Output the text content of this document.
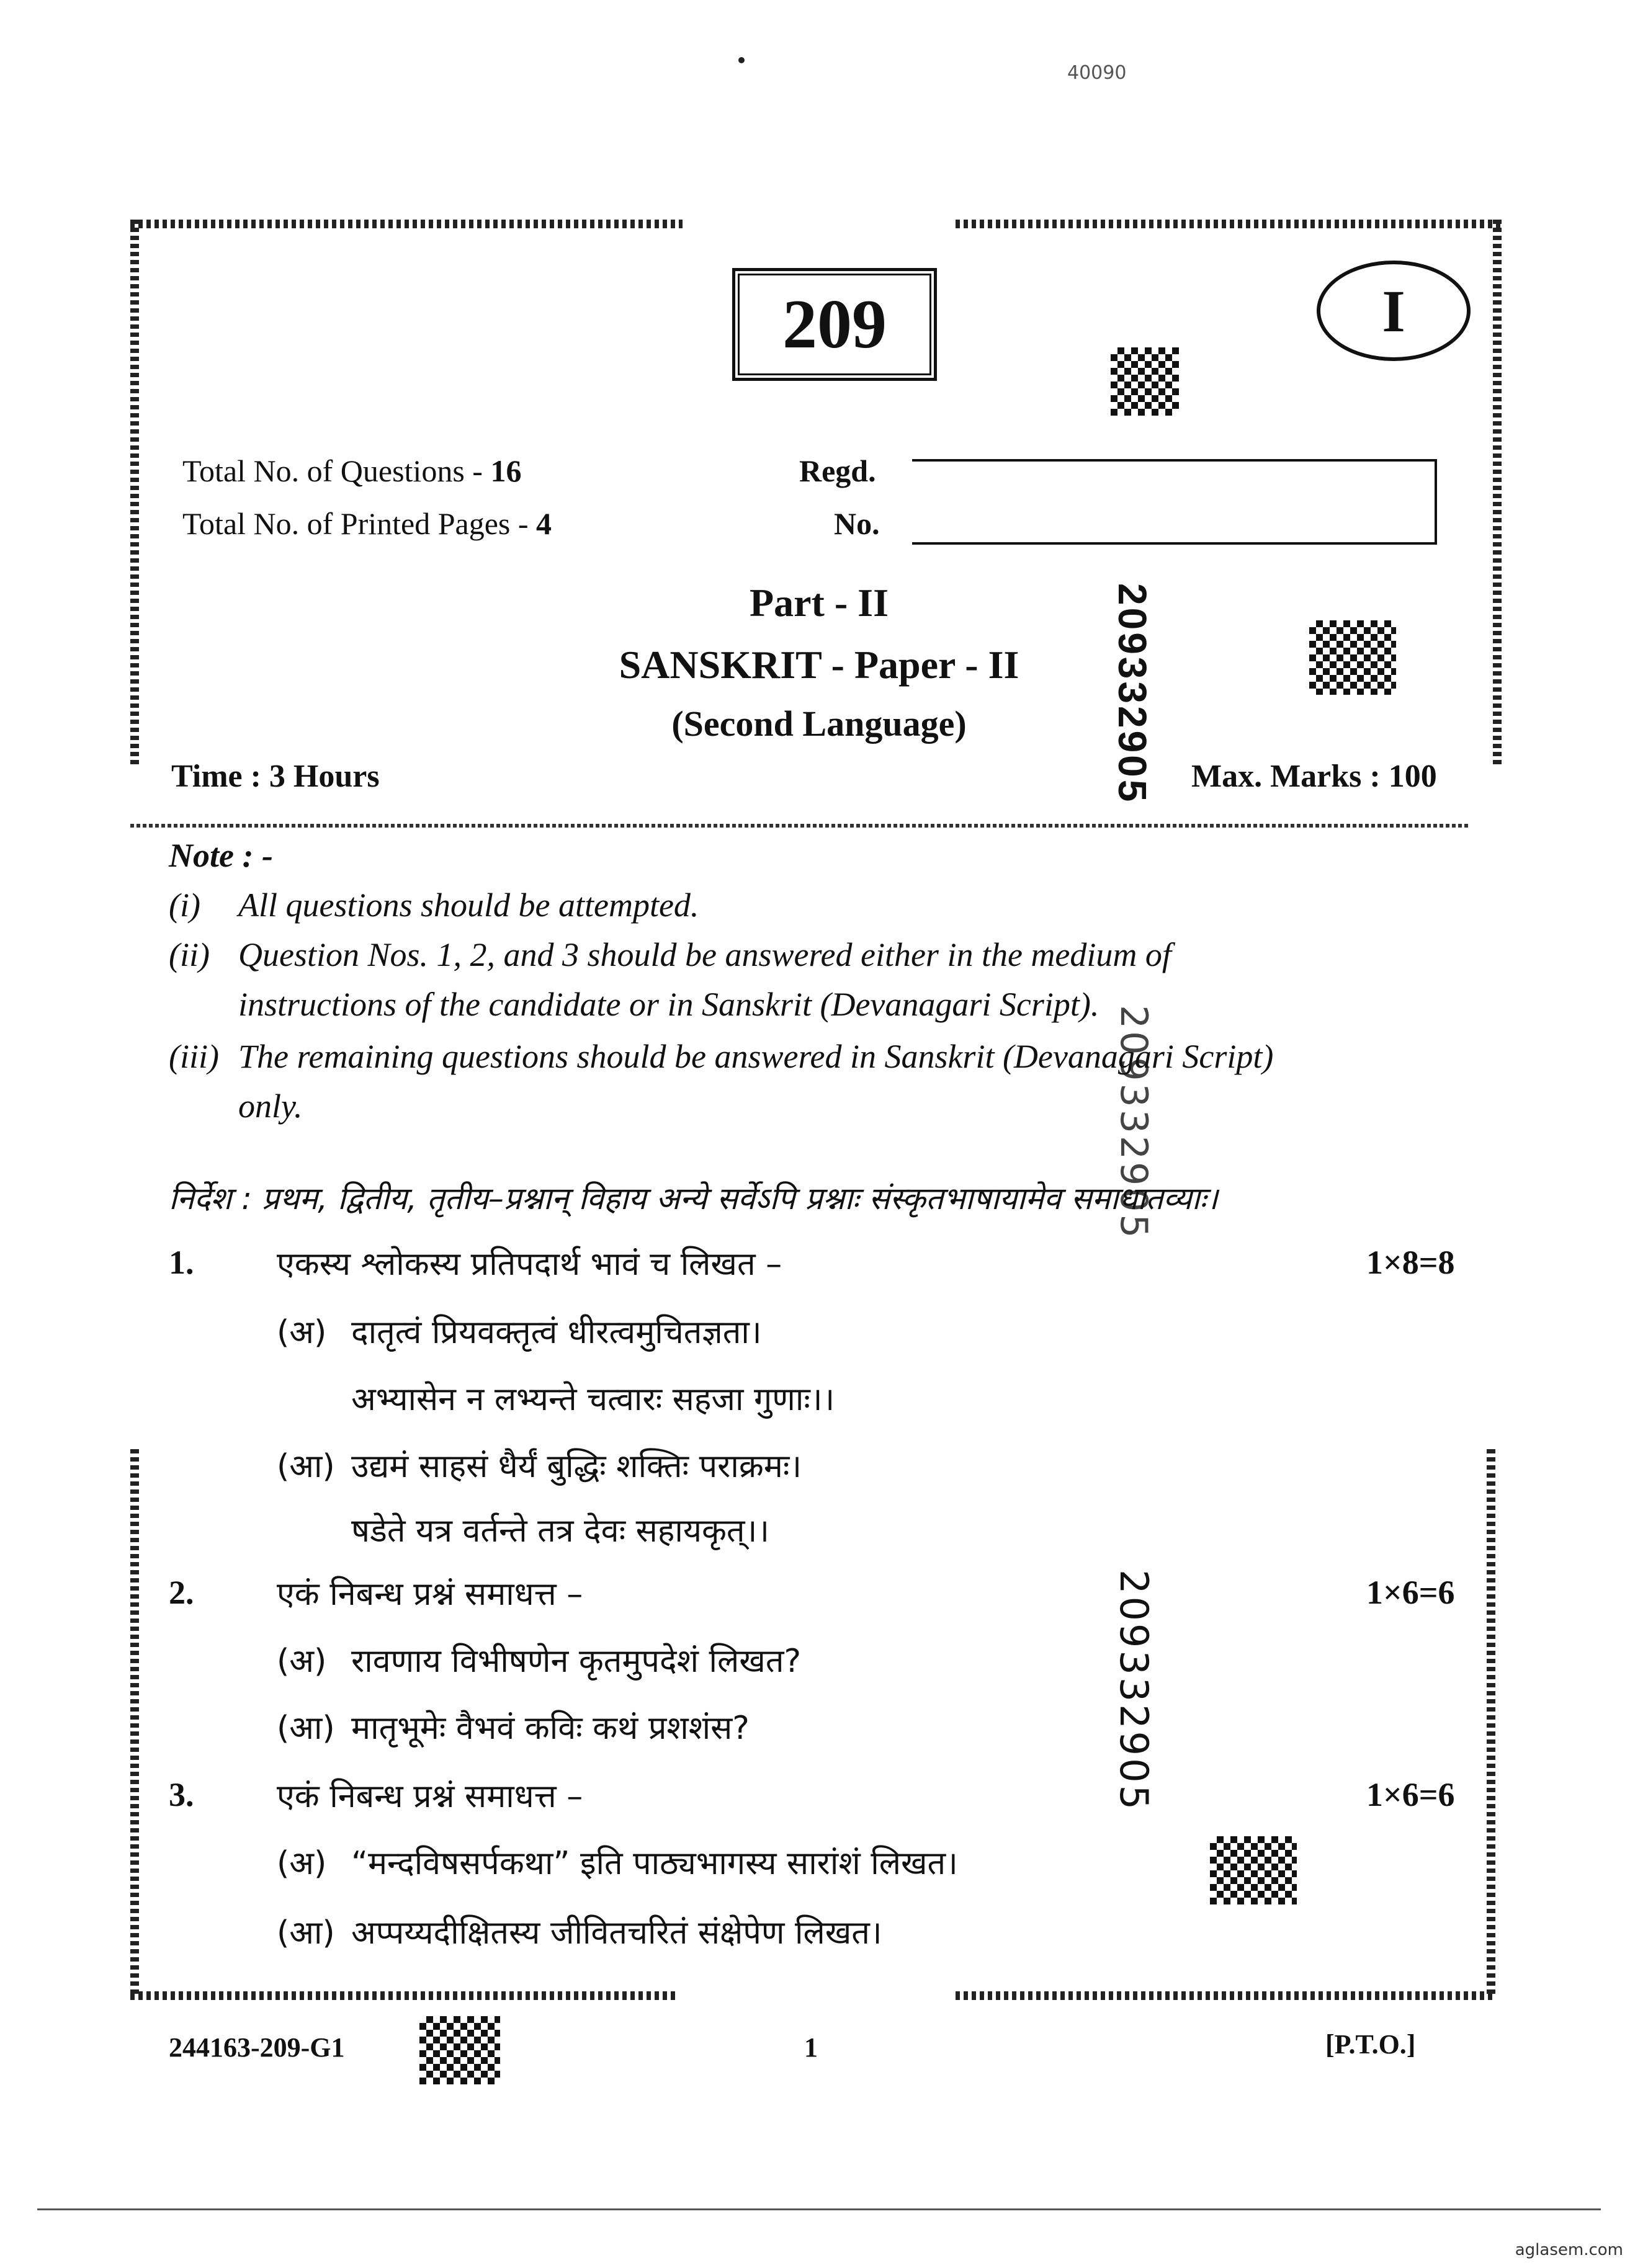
40090
209	I
Total No. of Questions - 16
Total No. of Printed Pages - 4
Regd.
No.
Part - II
SANSKRIT - Paper - II
(Second Language)
Time : 3 Hours	Max. Marks : 100
209332905
209332905
209332905
Note : -
(i) All questions should be attempted.
(ii) Question Nos. 1, 2, and 3 should be answered either in the medium of
instructions of the candidate or in Sanskrit (Devanagari Script).
(iii) The remaining questions should be answered in Sanskrit (Devanagari Script)
only.
निर्देश : प्रथम, द्वितीय, तृतीय–प्रश्नान् विहाय अन्ये सर्वेऽपि प्रश्नाः संस्कृतभाषायामेव समाधातव्याः।
1.	एकस्य श्लोकस्य प्रतिपदार्थ भावं च लिखत –	1×8=8
(अ) दातृत्वं प्रियवक्तृत्वं धीरत्वमुचितज्ञता।
अभ्यासेन न लभ्यन्ते चत्वारः सहजा गुणाः।।
(आ) उद्यमं साहसं धैर्यं बुद्धिः शक्तिः पराक्रमः।
षडेते यत्र वर्तन्ते तत्र देवः सहायकृत्।।
2.	एकं निबन्ध प्रश्नं समाधत्त –	1×6=6
(अ) रावणाय विभीषणेन कृतमुपदेशं लिखत?
(आ) मातृभूमेः वैभवं कविः कथं प्रशशंस?
3.	एकं निबन्ध प्रश्नं समाधत्त –	1×6=6
(अ) “मन्दविषसर्पकथा” इति पाठ्यभागस्य सारांशं लिखत।
(आ) अप्पय्यदीक्षितस्य जीवितचरितं संक्षेपेण लिखत।
244163-209-G1	1	[P.T.O.]
aglasem.com
